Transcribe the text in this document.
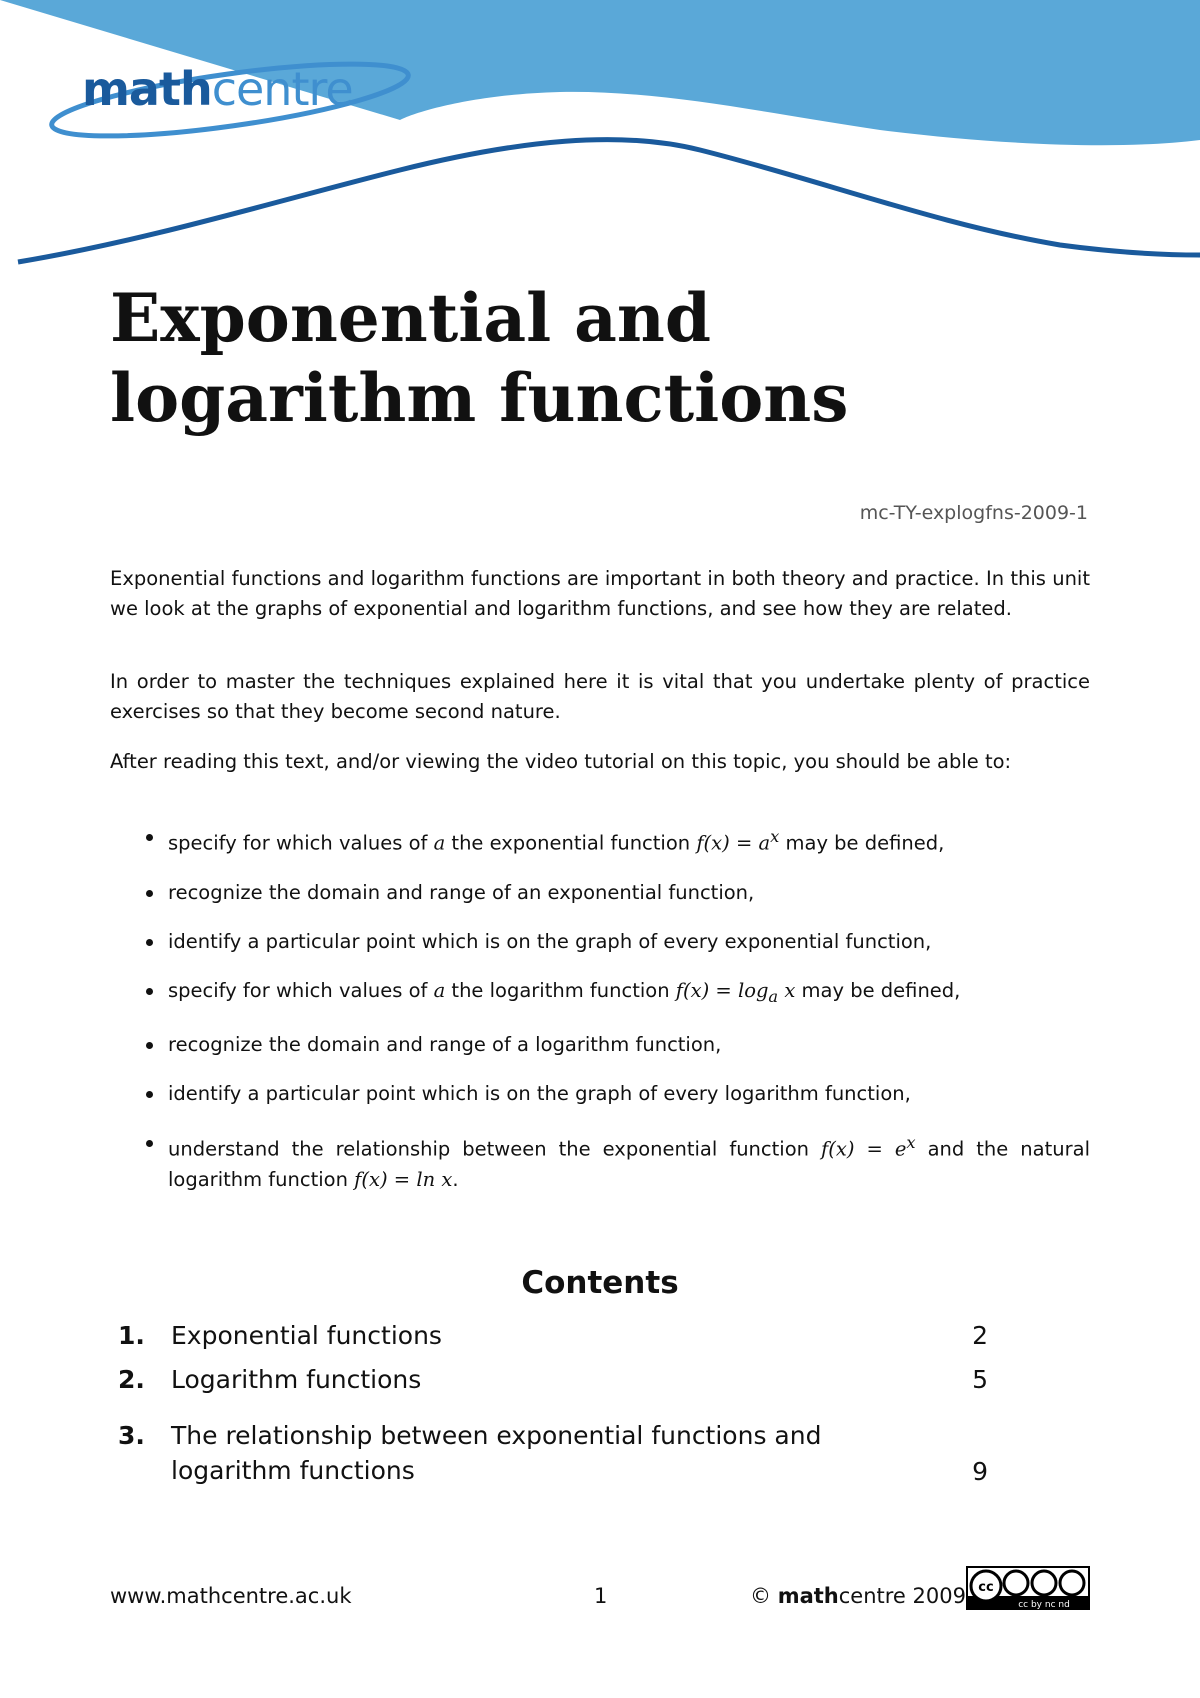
mathcentre
Exponential and
logarithm functions
mc-TY-explogfns-2009-1

Exponential functions and logarithm functions are important in both theory and practice. In this unit we look at the graphs of exponential and logarithm functions, and see how they are related.

In order to master the techniques explained here it is vital that you undertake plenty of practice exercises so that they become second nature.

After reading this text, and/or viewing the video tutorial on this topic, you should be able to:

specify for which values of a the exponential function $f(x) = a^x$ may be defined,
recognize the domain and range of an exponential function,
identify a particular point which is on the graph of every exponential function,
specify for which values of a the logarithm function $f(x) = \log_a x$ may be defined,
recognize the domain and range of a logarithm function,
identify a particular point which is on the graph of every logarithm function,
understand the relationship between the exponential function $f(x) = e^x$ and the natural logarithm function f(x) = ln x.
Contents
1. Exponential functions	2
2. Logarithm functions	5
3. The relationship between exponential functions and logarithm functions	9
www.mathcentre.ac.uk	1	© mathcentre 2009 cc
cc by nc nd
